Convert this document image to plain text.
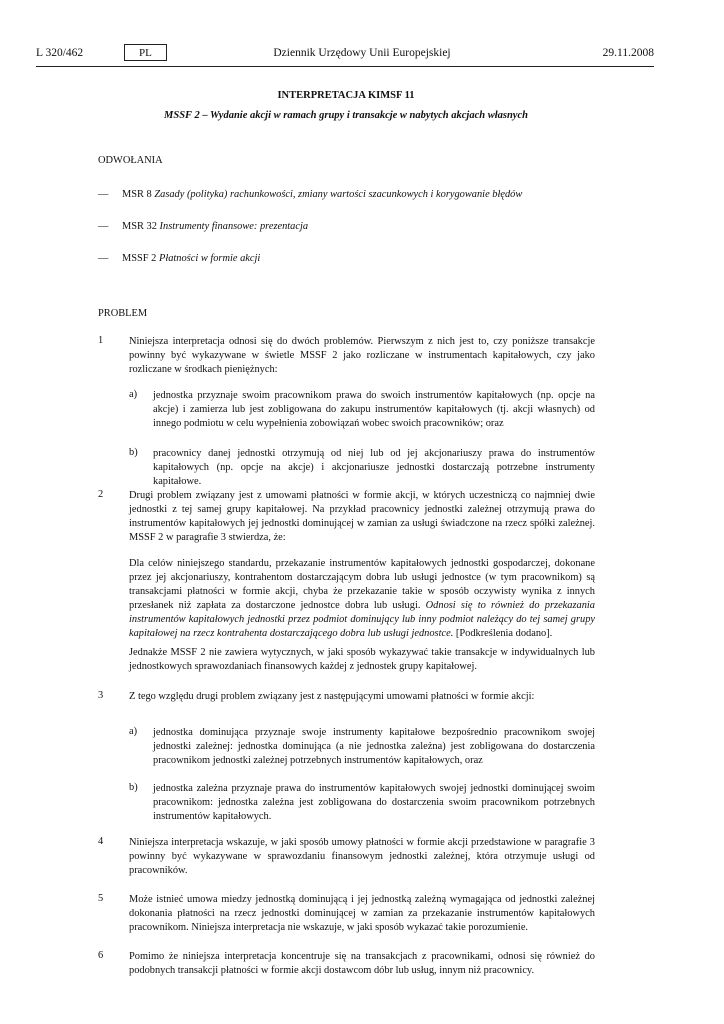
L 320/462	PL	Dziennik Urzędowy Unii Europejskiej	29.11.2008
INTERPRETACJA KIMSF 11
MSSF 2 – Wydanie akcji w ramach grupy i transakcje w nabytych akcjach własnych
ODWOŁANIA
— MSR 8 Zasady (polityka) rachunkowości, zmiany wartości szacunkowych i korygowanie błędów
— MSR 32 Instrumenty finansowe: prezentacja
— MSSF 2 Płatności w formie akcji
PROBLEM
1 Niniejsza interpretacja odnosi się do dwóch problemów. Pierwszym z nich jest to, czy poniższe transakcje powinny być wykazywane w świetle MSSF 2 jako rozliczane w instrumentach kapitałowych, czy jako rozliczane w środkach pieniężnych:
a) jednostka przyznaje swoim pracownikom prawa do swoich instrumentów kapitałowych (np. opcje na akcje) i zamierza lub jest zobligowana do zakupu instrumentów kapitałowych (tj. akcji własnych) od innego podmiotu w celu wypełnienia zobowiązań wobec swoich pracowników; oraz
b) pracownicy danej jednostki otrzymują od niej lub od jej akcjonariuszy prawa do instrumentów kapitałowych (np. opcje na akcje) i akcjonariusze jednostki dostarczają potrzebne instrumenty kapitałowe.
2 Drugi problem związany jest z umowami płatności w formie akcji, w których uczestniczą co najmniej dwie jednostki z tej samej grupy kapitałowej. Na przykład pracownicy jednostki zależnej otrzymują prawa do instrumentów kapitałowych jej jednostki dominującej w zamian za usługi świadczone na rzecz spółki zależnej. MSSF 2 w paragrafie 3 stwierdza, że:
Dla celów niniejszego standardu, przekazanie instrumentów kapitałowych jednostki gospodarczej, dokonane przez jej akcjonariuszy, kontrahentom dostarczającym dobra lub usługi jednostce (w tym pracownikom) są transakcjami płatności w formie akcji, chyba że przekazanie takie w sposób oczywisty wynika z innych przesłanek niż zapłata za dostarczone jednostce dobra lub usługi. Odnosi się to również do przekazania instrumentów kapitałowych jednostki przez podmiot dominujący lub inny podmiot należący do tej samej grupy kapitałowej na rzecz kontrahenta dostarczającego dobra lub usługi jednostce. [Podkreślenia dodano].
Jednakże MSSF 2 nie zawiera wytycznych, w jaki sposób wykazywać takie transakcje w indywidualnych lub jednostkowych sprawozdaniach finansowych każdej z jednostek grupy kapitałowej.
3 Z tego względu drugi problem związany jest z następującymi umowami płatności w formie akcji:
a) jednostka dominująca przyznaje swoje instrumenty kapitałowe bezpośrednio pracownikom swojej jednostki zależnej: jednostka dominująca (a nie jednostka zależna) jest zobligowana do dostarczenia pracownikom jednostki zależnej potrzebnych instrumentów kapitałowych, oraz
b) jednostka zależna przyznaje prawa do instrumentów kapitałowych swojej jednostki dominującej swoim pracownikom: jednostka zależna jest zobligowana do dostarczenia swoim pracownikom potrzebnych instrumentów kapitałowych.
4 Niniejsza interpretacja wskazuje, w jaki sposób umowy płatności w formie akcji przedstawione w paragrafie 3 powinny być wykazywane w sprawozdaniu finansowym jednostki zależnej, która otrzymuje usługi od pracowników.
5 Może istnieć umowa miedzy jednostką dominującą i jej jednostką zależną wymagająca od jednostki zależnej dokonania płatności na rzecz jednostki dominującej w zamian za przekazanie instrumentów kapitałowych pracownikom. Niniejsza interpretacja nie wskazuje, w jaki sposób wykazać takie porozumienie.
6 Pomimo że niniejsza interpretacja koncentruje się na transakcjach z pracownikami, odnosi się również do podobnych transakcji płatności w formie akcji dostawcom dóbr lub usług, innym niż pracownicy.
